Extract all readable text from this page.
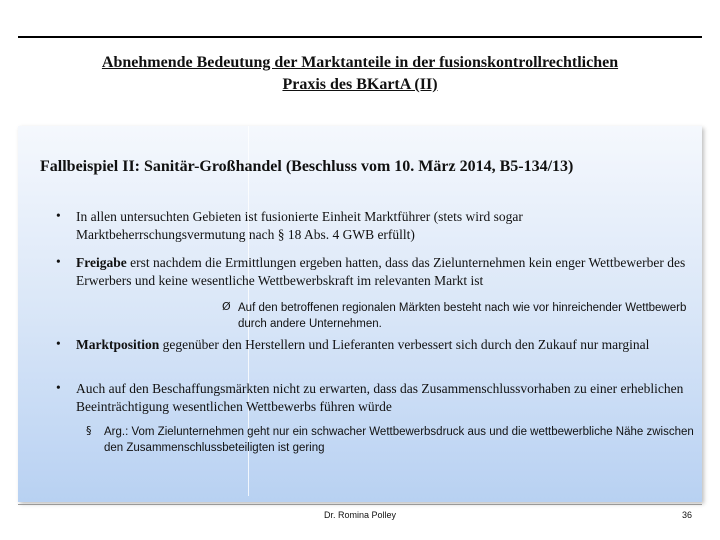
Abnehmende Bedeutung der Marktanteile in der fusionskontrollrechtlichen
Praxis des BKartA (II)
Fallbeispiel II: Sanitär-Großhandel (Beschluss vom 10. März 2014, B5-134/13)
• In allen untersuchten Gebieten ist fusionierte Einheit Marktführer (stets wird sogar Marktbeherrschungsvermutung nach § 18 Abs. 4 GWB erfüllt)
• Freigabe erst nachdem die Ermittlungen ergeben hatten, dass das Zielunternehmen kein enger Wettbewerber des Erwerbers und keine wesentliche Wettbewerbskraft im relevanten Markt ist
Ø Auf den betroffenen regionalen Märkten besteht nach wie vor hinreichender Wettbewerb durch andere Unternehmen.
• Marktposition gegenüber den Herstellern und Lieferanten verbessert sich durch den Zukauf nur marginal
• Auch auf den Beschaffungsmärkten nicht zu erwarten, dass das Zusammenschlussvorhaben zu einer erheblichen Beeinträchtigung wesentlichen Wettbewerbs führen würde
§ Arg.: Vom Zielunternehmen geht nur ein schwacher Wettbewerbsdruck aus und die wettbewerbliche Nähe zwischen den Zusammenschlussbeteiligten ist gering
Dr. Romina Polley	36
